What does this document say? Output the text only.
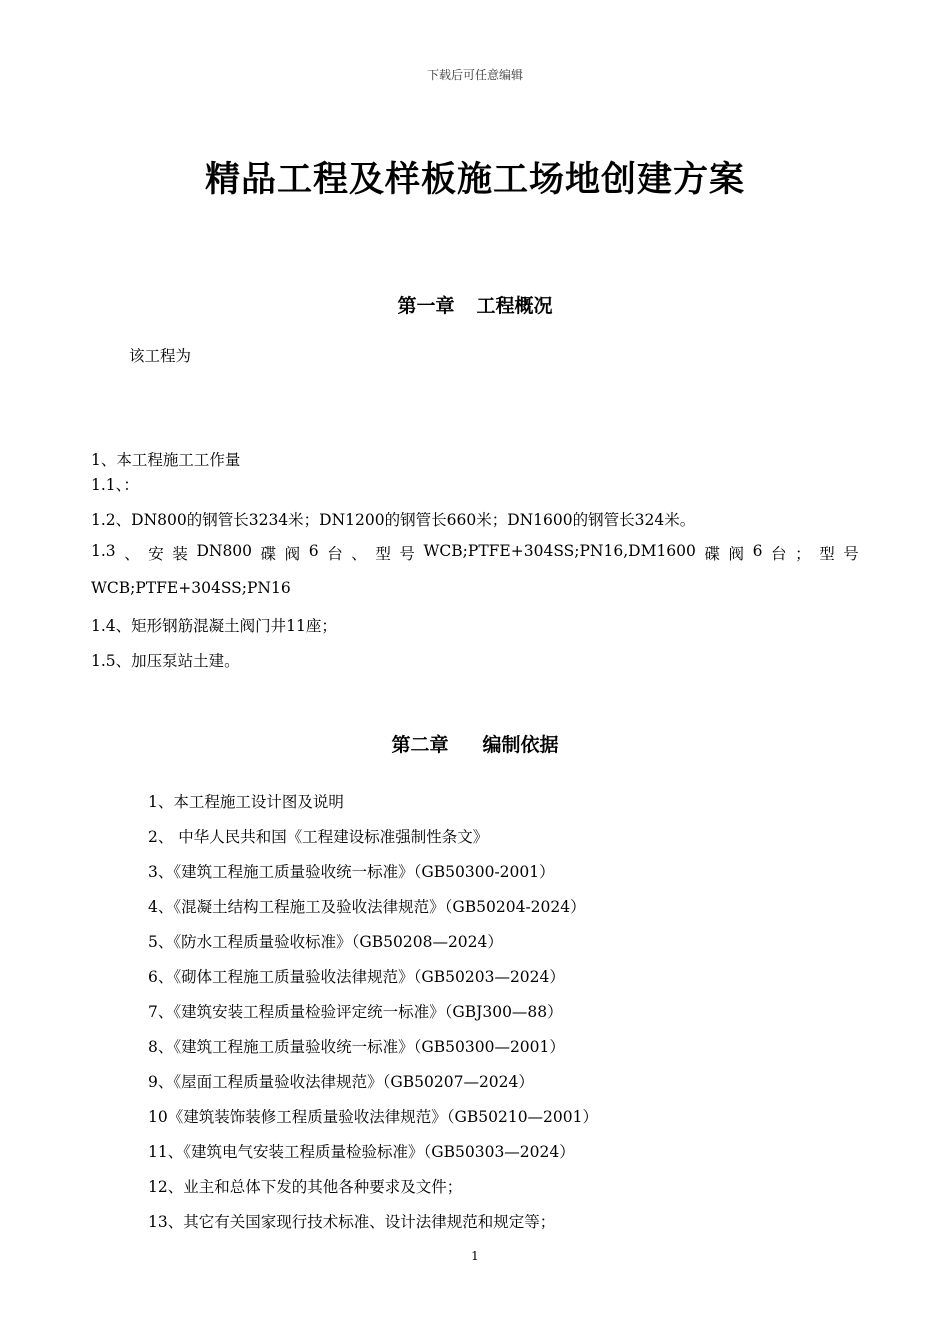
下载后可任意编辑
精品工程及样板施工场地创建方案
第一章 工程概况
该工程为
1、本工程施工工作量
1.1、：
1.2、DN800的钢管长3234米；DN1200的钢管长660米；DN1600的钢管长324米。
1.3 、 安 装 DN800 碟 阀 6 台 、 型 号 WCB;PTFE+304SS;PN16,DM1600 碟 阀 6 台 ； 型 号
WCB;PTFE+304SS;PN16
1.4、矩形钢筋混凝土阀门井11座；
1.5、加压泵站土建。
第二章 编制依据
1、本工程施工设计图及说明
2、 中华人民共和国《工程建设标准强制性条文》
3、《建筑工程施工质量验收统一标准》（GB50300-2001）
4、《混凝土结构工程施工及验收法律规范》（GB50204-2024）
5、《防水工程质量验收标准》（GB50208—2024）
6、《砌体工程施工质量验收法律规范》（GB50203—2024）
7、《建筑安装工程质量检验评定统一标准》（GBJ300—88）
8、《建筑工程施工质量验收统一标准》（GB50300—2001）
9、《屋面工程质量验收法律规范》（GB50207—2024）
10《建筑装饰装修工程质量验收法律规范》（GB50210—2001）
11、《建筑电气安装工程质量检验标准》（GB50303—2024）
12、业主和总体下发的其他各种要求及文件；
13、其它有关国家现行技术标准、设计法律规范和规定等；
1
